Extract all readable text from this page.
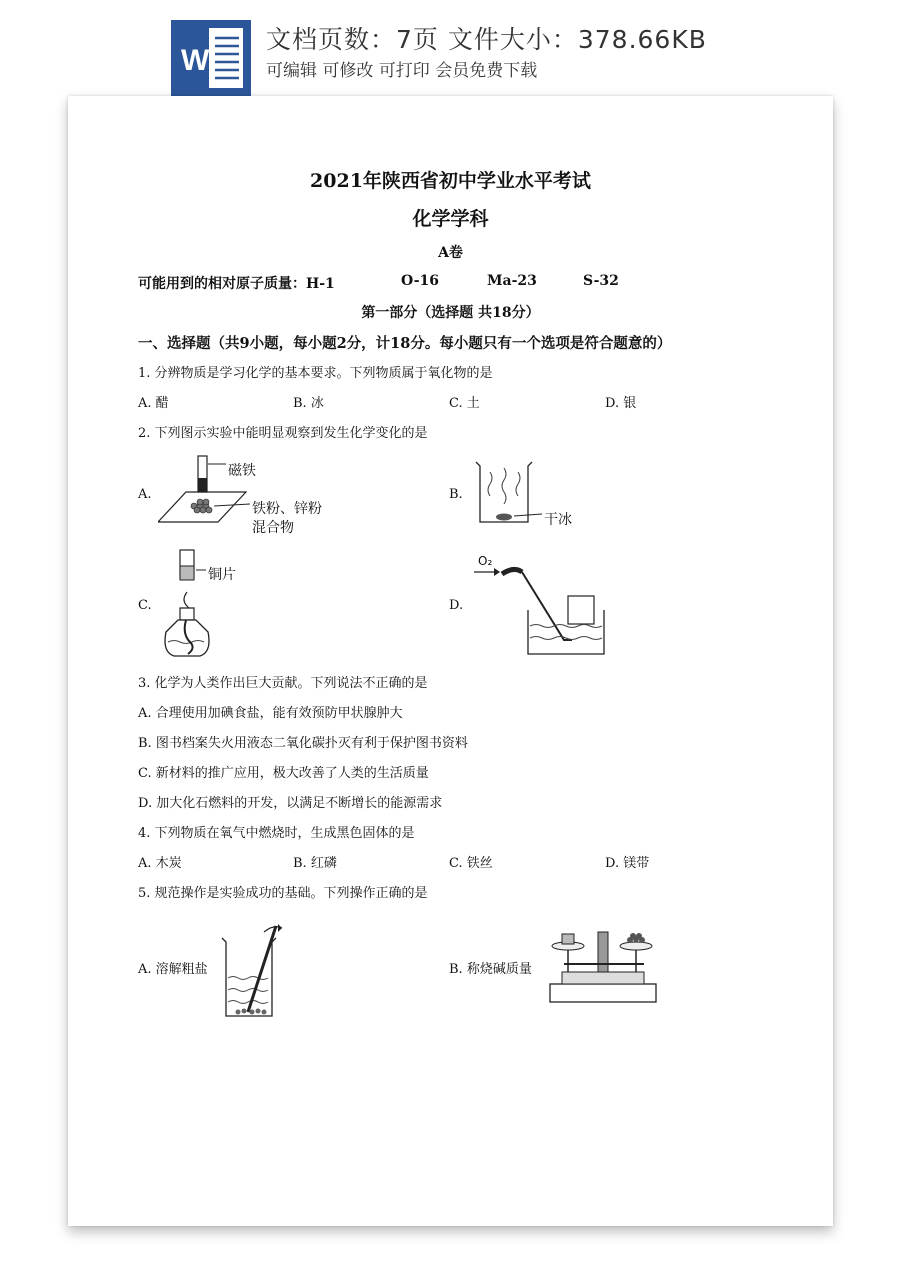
W
文档页数：7页 文件大小：378.66KB
可编辑 可修改 可打印 会员免费下载
2021年陕西省初中学业水平考试
化学学科
A卷
可能用到的相对原子质量：H-1	O-16	Ma-23	S-32
第一部分（选择题 共18分）
一、选择题（共9小题，每小题2分，计18分。每小题只有一个选项是符合题意的）
1. 分辨物质是学习化学的基本要求。下列物质属于氧化物的是
A. 醋	B. 冰	C. 土	D. 银
2. 下列图示实验中能明显观察到发生化学变化的是
A.	B.
C.	D.
磁铁
铁粉、锌粉
混合物	干冰
铜片
O₂
3. 化学为人类作出巨大贡献。下列说法不正确的是
A. 合理使用加碘食盐，能有效预防甲状腺肿大
B. 图书档案失火用液态二氧化碳扑灭有利于保护图书资料
C. 新材料的推广应用，极大改善了人类的生活质量
D. 加大化石燃料的开发，以满足不断增长的能源需求
4. 下列物质在氧气中燃烧时，生成黑色固体的是
A. 木炭	B. 红磷	C. 铁丝	D. 镁带
5. 规范操作是实验成功的基础。下列操作正确的是
A. 溶解粗盐	B. 称烧碱质量
